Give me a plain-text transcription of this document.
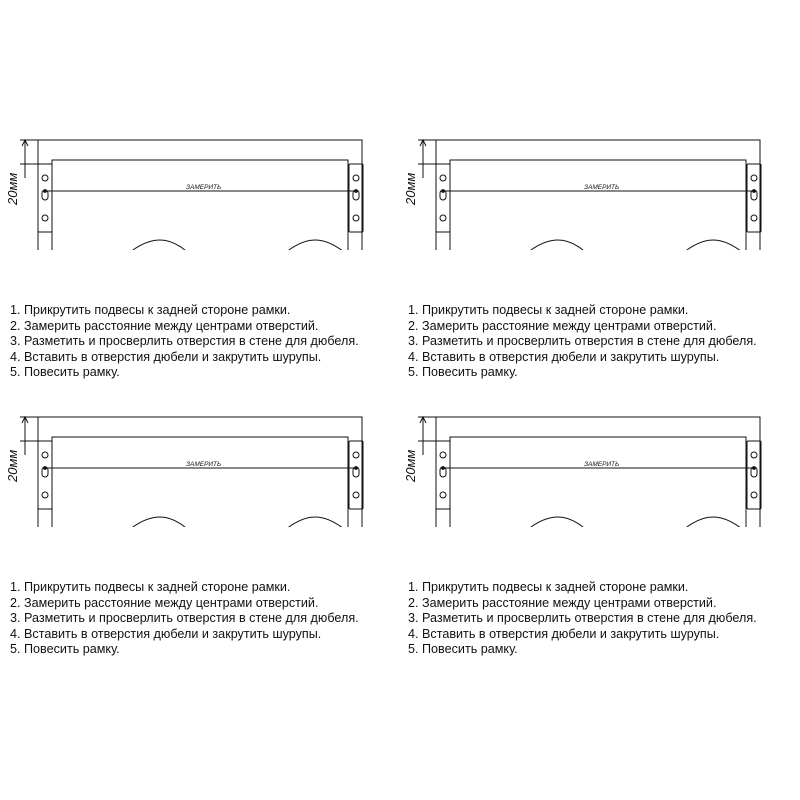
20мм	ЗАМЕРИТЬ
1. Прикрутить подвесы к задней стороне рамки.
2. Замерить расстояние между центрами отверстий.
3. Разметить и просверлить отверстия в стене для дюбеля.
4. Вставить в отверстия дюбели и закрутить шурупы.
5. Повесить рамку.
20мм	ЗАМЕРИТЬ
1. Прикрутить подвесы к задней стороне рамки.
2. Замерить расстояние между центрами отверстий.
3. Разметить и просверлить отверстия в стене для дюбеля.
4. Вставить в отверстия дюбели и закрутить шурупы.
5. Повесить рамку.
20мм	ЗАМЕРИТЬ
1. Прикрутить подвесы к задней стороне рамки.
2. Замерить расстояние между центрами отверстий.
3. Разметить и просверлить отверстия в стене для дюбеля.
4. Вставить в отверстия дюбели и закрутить шурупы.
5. Повесить рамку.
20мм	ЗАМЕРИТЬ
1. Прикрутить подвесы к задней стороне рамки.
2. Замерить расстояние между центрами отверстий.
3. Разметить и просверлить отверстия в стене для дюбеля.
4. Вставить в отверстия дюбели и закрутить шурупы.
5. Повесить рамку.
